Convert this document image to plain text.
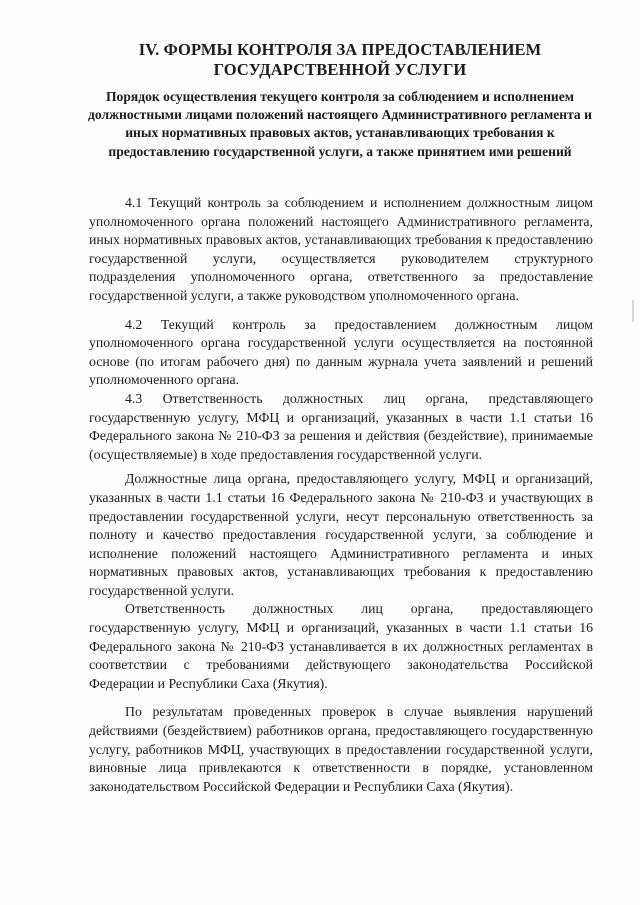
IV. ФОРМЫ КОНТРОЛЯ ЗА ПРЕДОСТАВЛЕНИЕМ ГОСУДАРСТВЕННОЙ УСЛУГИ
Порядок осуществления текущего контроля за соблюдением и исполнением должностными лицами положений настоящего Административного регламента и иных нормативных правовых актов, устанавливающих требования к предоставлению государственной услуги, а также принятием ими решений

4.1 Текущий контроль за соблюдением и исполнением должностным лицом уполномоченного органа положений настоящего Административного регламента, иных нормативных правовых актов, устанавливающих требования к предоставлению государственной услуги, осуществляется руководителем структурного подразделения уполномоченного органа, ответственного за предоставление государственной услуги, а также руководством уполномоченного органа.

4.2 Текущий контроль за предоставлением должностным лицом уполномоченного органа государственной услуги осуществляется на постоянной основе (по итогам рабочего дня) по данным журнала учета заявлений и решений уполномоченного органа.

4.3 Ответственность должностных лиц органа, представляющего государственную услугу, МФЦ и организаций, указанных в части 1.1 статьи 16 Федерального закона № 210-ФЗ за решения и действия (бездействие), принимаемые (осуществляемые) в ходе предоставления государственной услуги.

Должностные лица органа, предоставляющего услугу, МФЦ и организаций, указанных в части 1.1 статьи 16 Федерального закона № 210-ФЗ и участвующих в предоставлении государственной услуги, несут персональную ответственность за полноту и качество предоставления государственной услуги, за соблюдение и исполнение положений настоящего Административного регламента и иных нормативных правовых актов, устанавливающих требования к предоставлению государственной услуги.

Ответственность должностных лиц органа, предоставляющего государственную услугу, МФЦ и организаций, указанных в части 1.1 статьи 16 Федерального закона № 210-ФЗ устанавливается в их должностных регламентах в соответствии с требованиями действующего законодательства Российской Федерации и Республики Саха (Якутия).

По результатам проведенных проверок в случае выявления нарушений действиями (бездействием) работников органа, предоставляющего государственную услугу, работников МФЦ, участвующих в предоставлении государственной услуги, виновные лица привлекаются к ответственности в порядке, установленном законодательством Российской Федерации и Республики Саха (Якутия).
